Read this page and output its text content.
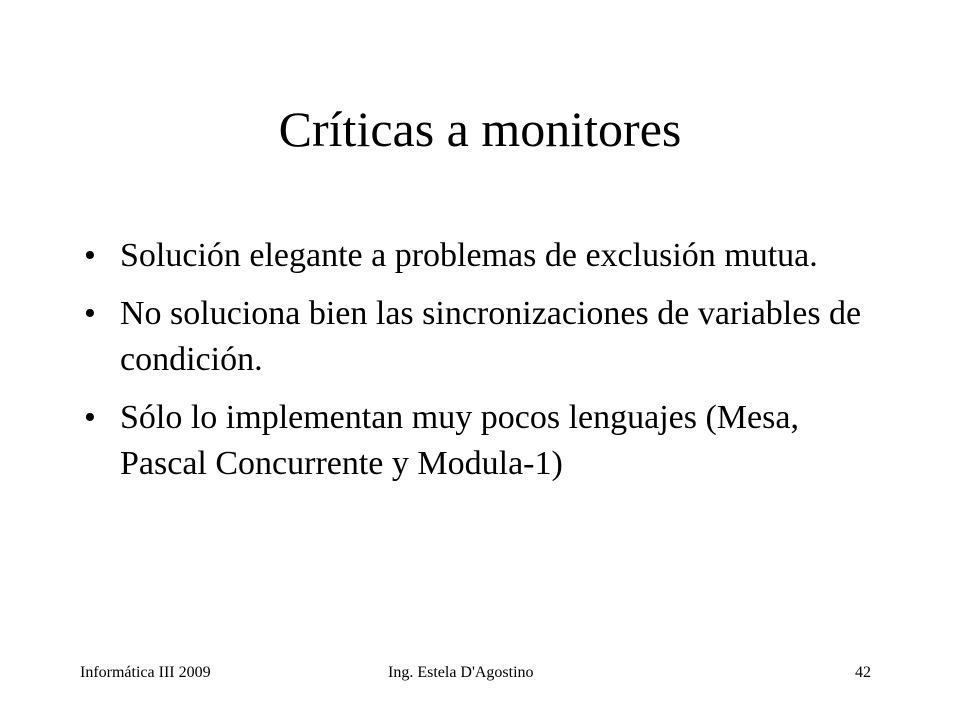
Críticas a monitores
• Solución elegante a problemas de exclusión mutua.
• No soluciona bien las sincronizaciones de variables de condición.
• Sólo lo implementan muy pocos lenguajes (Mesa, Pascal Concurrente y Modula-1)
Informática III 2009	Ing. Estela D'Agostino	42
